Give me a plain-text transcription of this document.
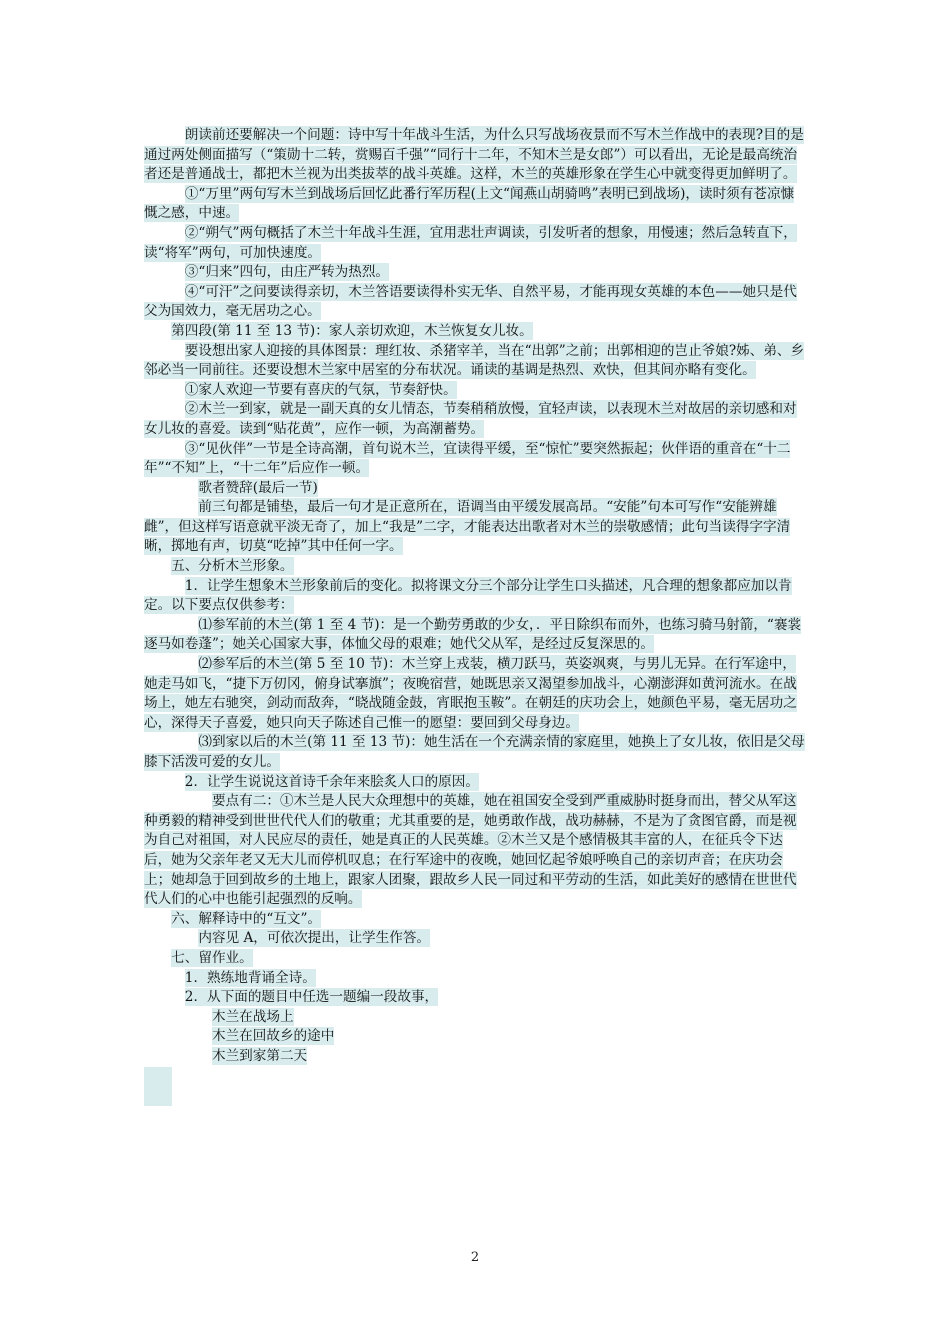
朗读前还要解决一个问题：诗中写十年战斗生活，为什么只写战场夜景而不写木兰作战中的表现?目的是通过两处侧面描写（“策勋十二转，赏赐百千强”“同行十二年，不知木兰是女郎”）可以看出，无论是最高统治者还是普通战士，都把木兰视为出类拔萃的战斗英雄。这样，木兰的英雄形象在学生心中就变得更加鲜明了。

①“万里”两句写木兰到战场后回忆此番行军历程(上文“闻燕山胡骑鸣”表明已到战场)，读时须有苍凉慷慨之感，中速。

②“朔气”两句概括了木兰十年战斗生涯，宜用悲壮声调读，引发听者的想象，用慢速；然后急转直下，读“将军”两句，可加快速度。

③“归来”四句，由庄严转为热烈。

④“可汗”之问要读得亲切，木兰答语要读得朴实无华、自然平易，才能再现女英雄的本色——她只是代父为国效力，毫无居功之心。

第四段(第 11 至 13 节)：家人亲切欢迎，木兰恢复女儿妆。

要设想出家人迎接的具体图景：理红妆、杀猪宰羊，当在“出郭”之前；出郭相迎的岂止爷娘?姊、弟、乡邻必当一同前往。还要设想木兰家中居室的分布状况。诵读的基调是热烈、欢快，但其间亦略有变化。

①家人欢迎一节要有喜庆的气氛，节奏舒快。

②木兰一到家，就是一副天真的女儿情态，节奏稍稍放慢，宜轻声读，以表现木兰对故居的亲切感和对女儿妆的喜爱。读到“贴花黄”，应作一顿，为高潮蓄势。

③“见伙伴”一节是全诗高潮，首句说木兰，宜读得平缓，至“惊忙”要突然振起；伙伴语的重音在“十二年”“不知”上，“十二年”后应作一顿。

歌者赞辞(最后一节)

前三句都是铺垫，最后一句才是正意所在，语调当由平缓发展高昂。“安能”句本可写作“安能辨雄雌”，但这样写语意就平淡无奇了，加上“我是”二字，才能表达出歌者对木兰的崇敬感情；此句当读得字字清晰，掷地有声，切莫“吃掉”其中任何一字。

五、分析木兰形象。

1．让学生想象木兰形象前后的变化。拟将课文分三个部分让学生口头描述，凡合理的想象都应加以肯定。以下要点仅供参考：

⑴参军前的木兰(第 1 至 4 节)：是一个勤劳勇敢的少女，．平日除织布而外，也练习骑马射箭，“褰裳逐马如卷蓬”；她关心国家大事，体恤父母的艰难；她代父从军，是经过反复深思的。

⑵参军后的木兰(第 5 至 10 节)：木兰穿上戎装，横刀跃马，英姿飒爽，与男儿无异。在行军途中，她走马如飞，“捷下万仞冈，俯身试搴旗”；夜晚宿营，她既思亲又渴望参加战斗，心潮澎湃如黄河流水。在战场上，她左右驰突，剑动而敌奔，“晓战随金鼓，宵眠抱玉鞍”。在朝廷的庆功会上，她颜色平易，毫无居功之心，深得天子喜爱，她只向天子陈述自己惟一的愿望：要回到父母身边。

⑶到家以后的木兰(第 11 至 13 节)：她生活在一个充满亲情的家庭里，她换上了女儿妆，依旧是父母膝下活泼可爱的女儿。

2．让学生说说这首诗千余年来脍炙人口的原因。

要点有二：①木兰是人民大众理想中的英雄，她在祖国安全受到严重威胁时挺身而出，替父从军这种勇毅的精神受到世世代代人们的敬重；尤其重要的是，她勇敢作战，战功赫赫，不是为了贪图官爵，而是视为自己对祖国，对人民应尽的责任，她是真正的人民英雄。②木兰又是个感情极其丰富的人，在征兵令下达后，她为父亲年老又无大儿而停机叹息；在行军途中的夜晚，她回忆起爷娘呼唤自己的亲切声音；在庆功会上；她却急于回到故乡的土地上，跟家人团聚，跟故乡人民一同过和平劳动的生活，如此美好的感情在世世代代人们的心中也能引起强烈的反响。

六、解释诗中的“互文”。

内容见 A，可依次提出，让学生作答。

七、留作业。

1．熟练地背诵全诗。

2．从下面的题目中任选一题编一段故事，

木兰在战场上

木兰在回故乡的途中

木兰到家第二天

2
